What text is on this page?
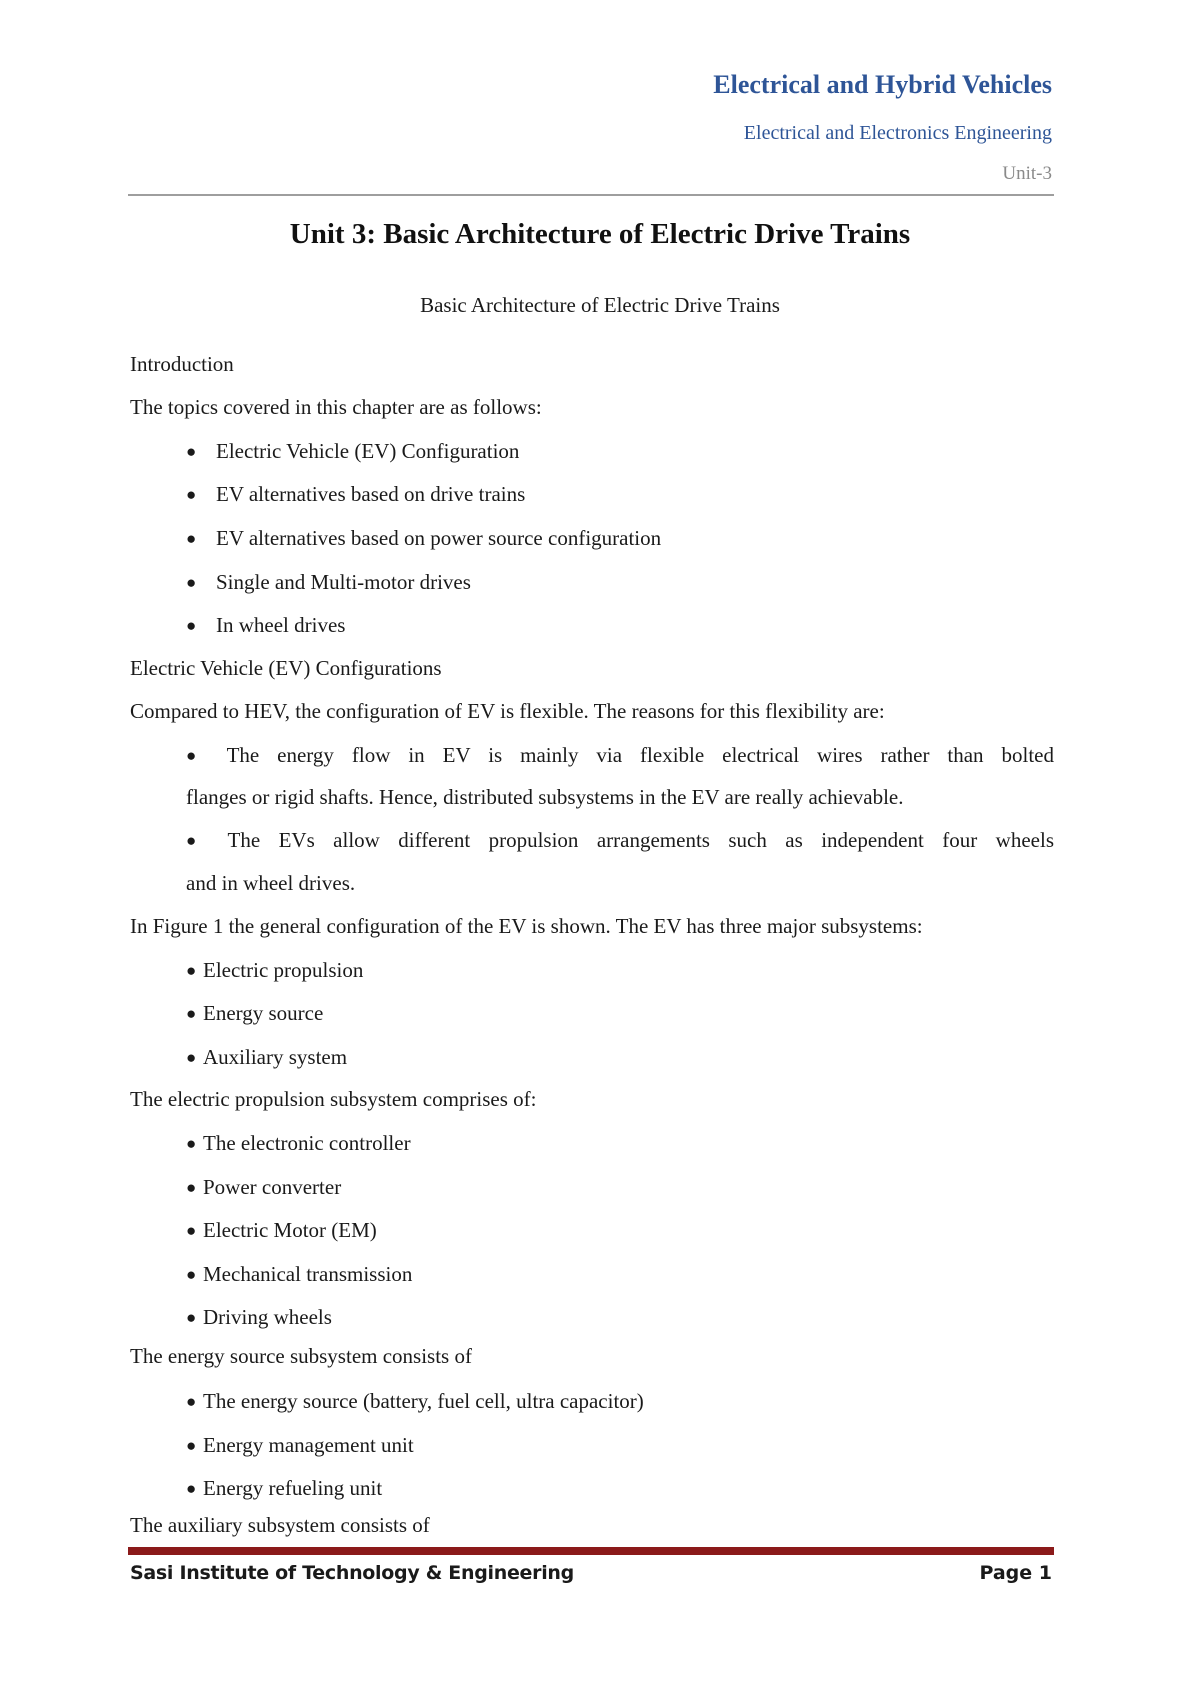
Electrical and Hybrid Vehicles
Electrical and Electronics Engineering
Unit-3
Unit 3: Basic Architecture of Electric Drive Trains
Basic Architecture of Electric Drive Trains
Introduction
The topics covered in this chapter are as follows:
● Electric Vehicle (EV) Configuration
● EV alternatives based on drive trains
● EV alternatives based on power source configuration
● Single and Multi-motor drives
● In wheel drives
Electric Vehicle (EV) Configurations
Compared to HEV, the configuration of EV is flexible. The reasons for this flexibility are:
● The energy flow in EV is mainly via flexible electrical wires rather than bolted
flanges or rigid shafts. Hence, distributed subsystems in the EV are really achievable.
● The EVs allow different propulsion arrangements such as independent four wheels
and in wheel drives.
In Figure 1 the general configuration of the EV is shown. The EV has three major subsystems:
● Electric propulsion
● Energy source
● Auxiliary system
The electric propulsion subsystem comprises of:
● The electronic controller
● Power converter
● Electric Motor (EM)
● Mechanical transmission
● Driving wheels
The energy source subsystem consists of
● The energy source (battery, fuel cell, ultra capacitor)
● Energy management unit
● Energy refueling unit
The auxiliary subsystem consists of
Sasi Institute of Technology & Engineering	Page 1
